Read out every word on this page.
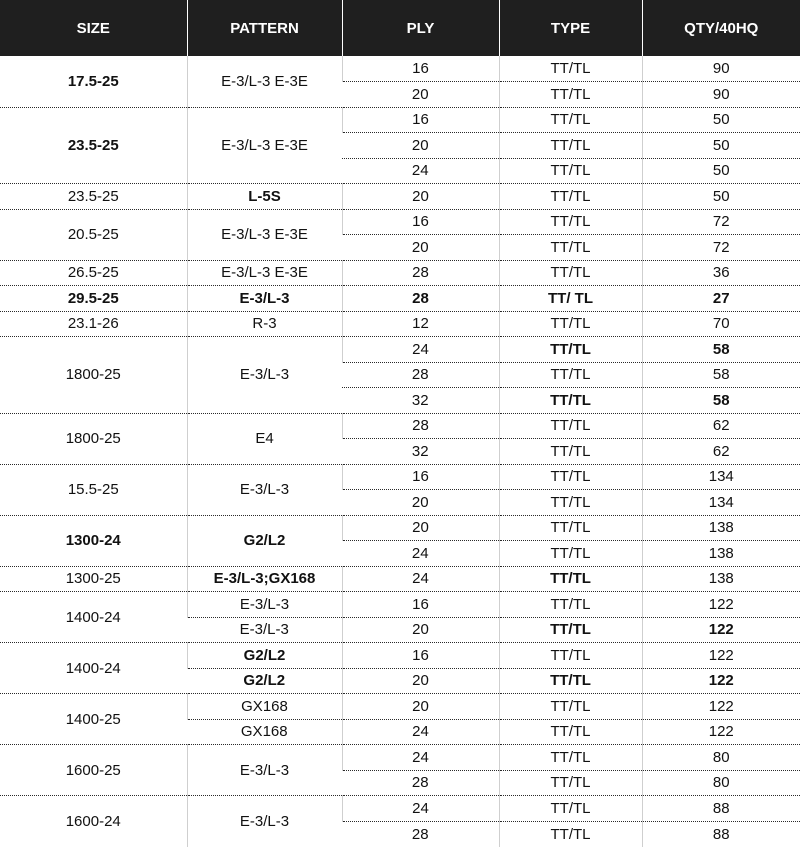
SIZE	PATTERN	PLY	TYPE	QTY/40HQ
17.5-25	E-3/L-3 E-3E	16	TT/TL	90
		20	TT/TL	90
23.5-25	E-3/L-3 E-3E	16	TT/TL	50
		20	TT/TL	50
		24	TT/TL	50
23.5-25	L-5S	20	TT/TL	50
20.5-25	E-3/L-3 E-3E	16	TT/TL	72
		20	TT/TL	72
26.5-25	E-3/L-3 E-3E	28	TT/TL	36
29.5-25	E-3/L-3	28	TT/ TL	27
23.1-26	R-3	12	TT/TL	70
1800-25	E-3/L-3	24	TT/TL	58
		28	TT/TL	58
		32	TT/TL	58
1800-25	E4	28	TT/TL	62
		32	TT/TL	62
15.5-25	E-3/L-3	16	TT/TL	134
		20	TT/TL	134
1300-24	G2/L2	20	TT/TL	138
		24	TT/TL	138
1300-25	E-3/L-3;GX168	24	TT/TL	138
1400-24	E-3/L-3	16	TT/TL	122
	E-3/L-3	20	TT/TL	122
1400-24	G2/L2	16	TT/TL	122
	G2/L2	20	TT/TL	122
1400-25	GX168	20	TT/TL	122
	GX168	24	TT/TL	122
1600-25	E-3/L-3	24	TT/TL	80
		28	TT/TL	80
1600-24	E-3/L-3	24	TT/TL	88
		28	TT/TL	88
